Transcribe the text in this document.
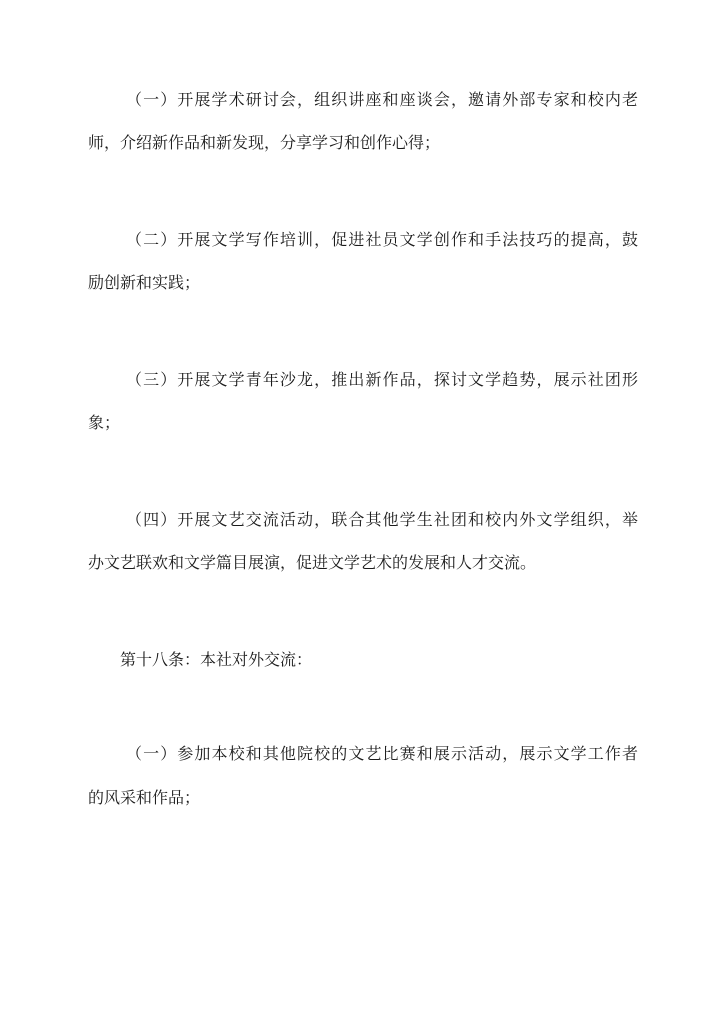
（一）开展学术研讨会，组织讲座和座谈会，邀请外部专家和校内老
师，介绍新作品和新发现，分享学习和创作心得；
（二）开展文学写作培训，促进社员文学创作和手法技巧的提高，鼓
励创新和实践；
（三）开展文学青年沙龙，推出新作品，探讨文学趋势，展示社团形
象；
（四）开展文艺交流活动，联合其他学生社团和校内外文学组织，举
办文艺联欢和文学篇目展演，促进文学艺术的发展和人才交流。
第十八条：本社对外交流：
（一）参加本校和其他院校的文艺比赛和展示活动，展示文学工作者
的风采和作品；
